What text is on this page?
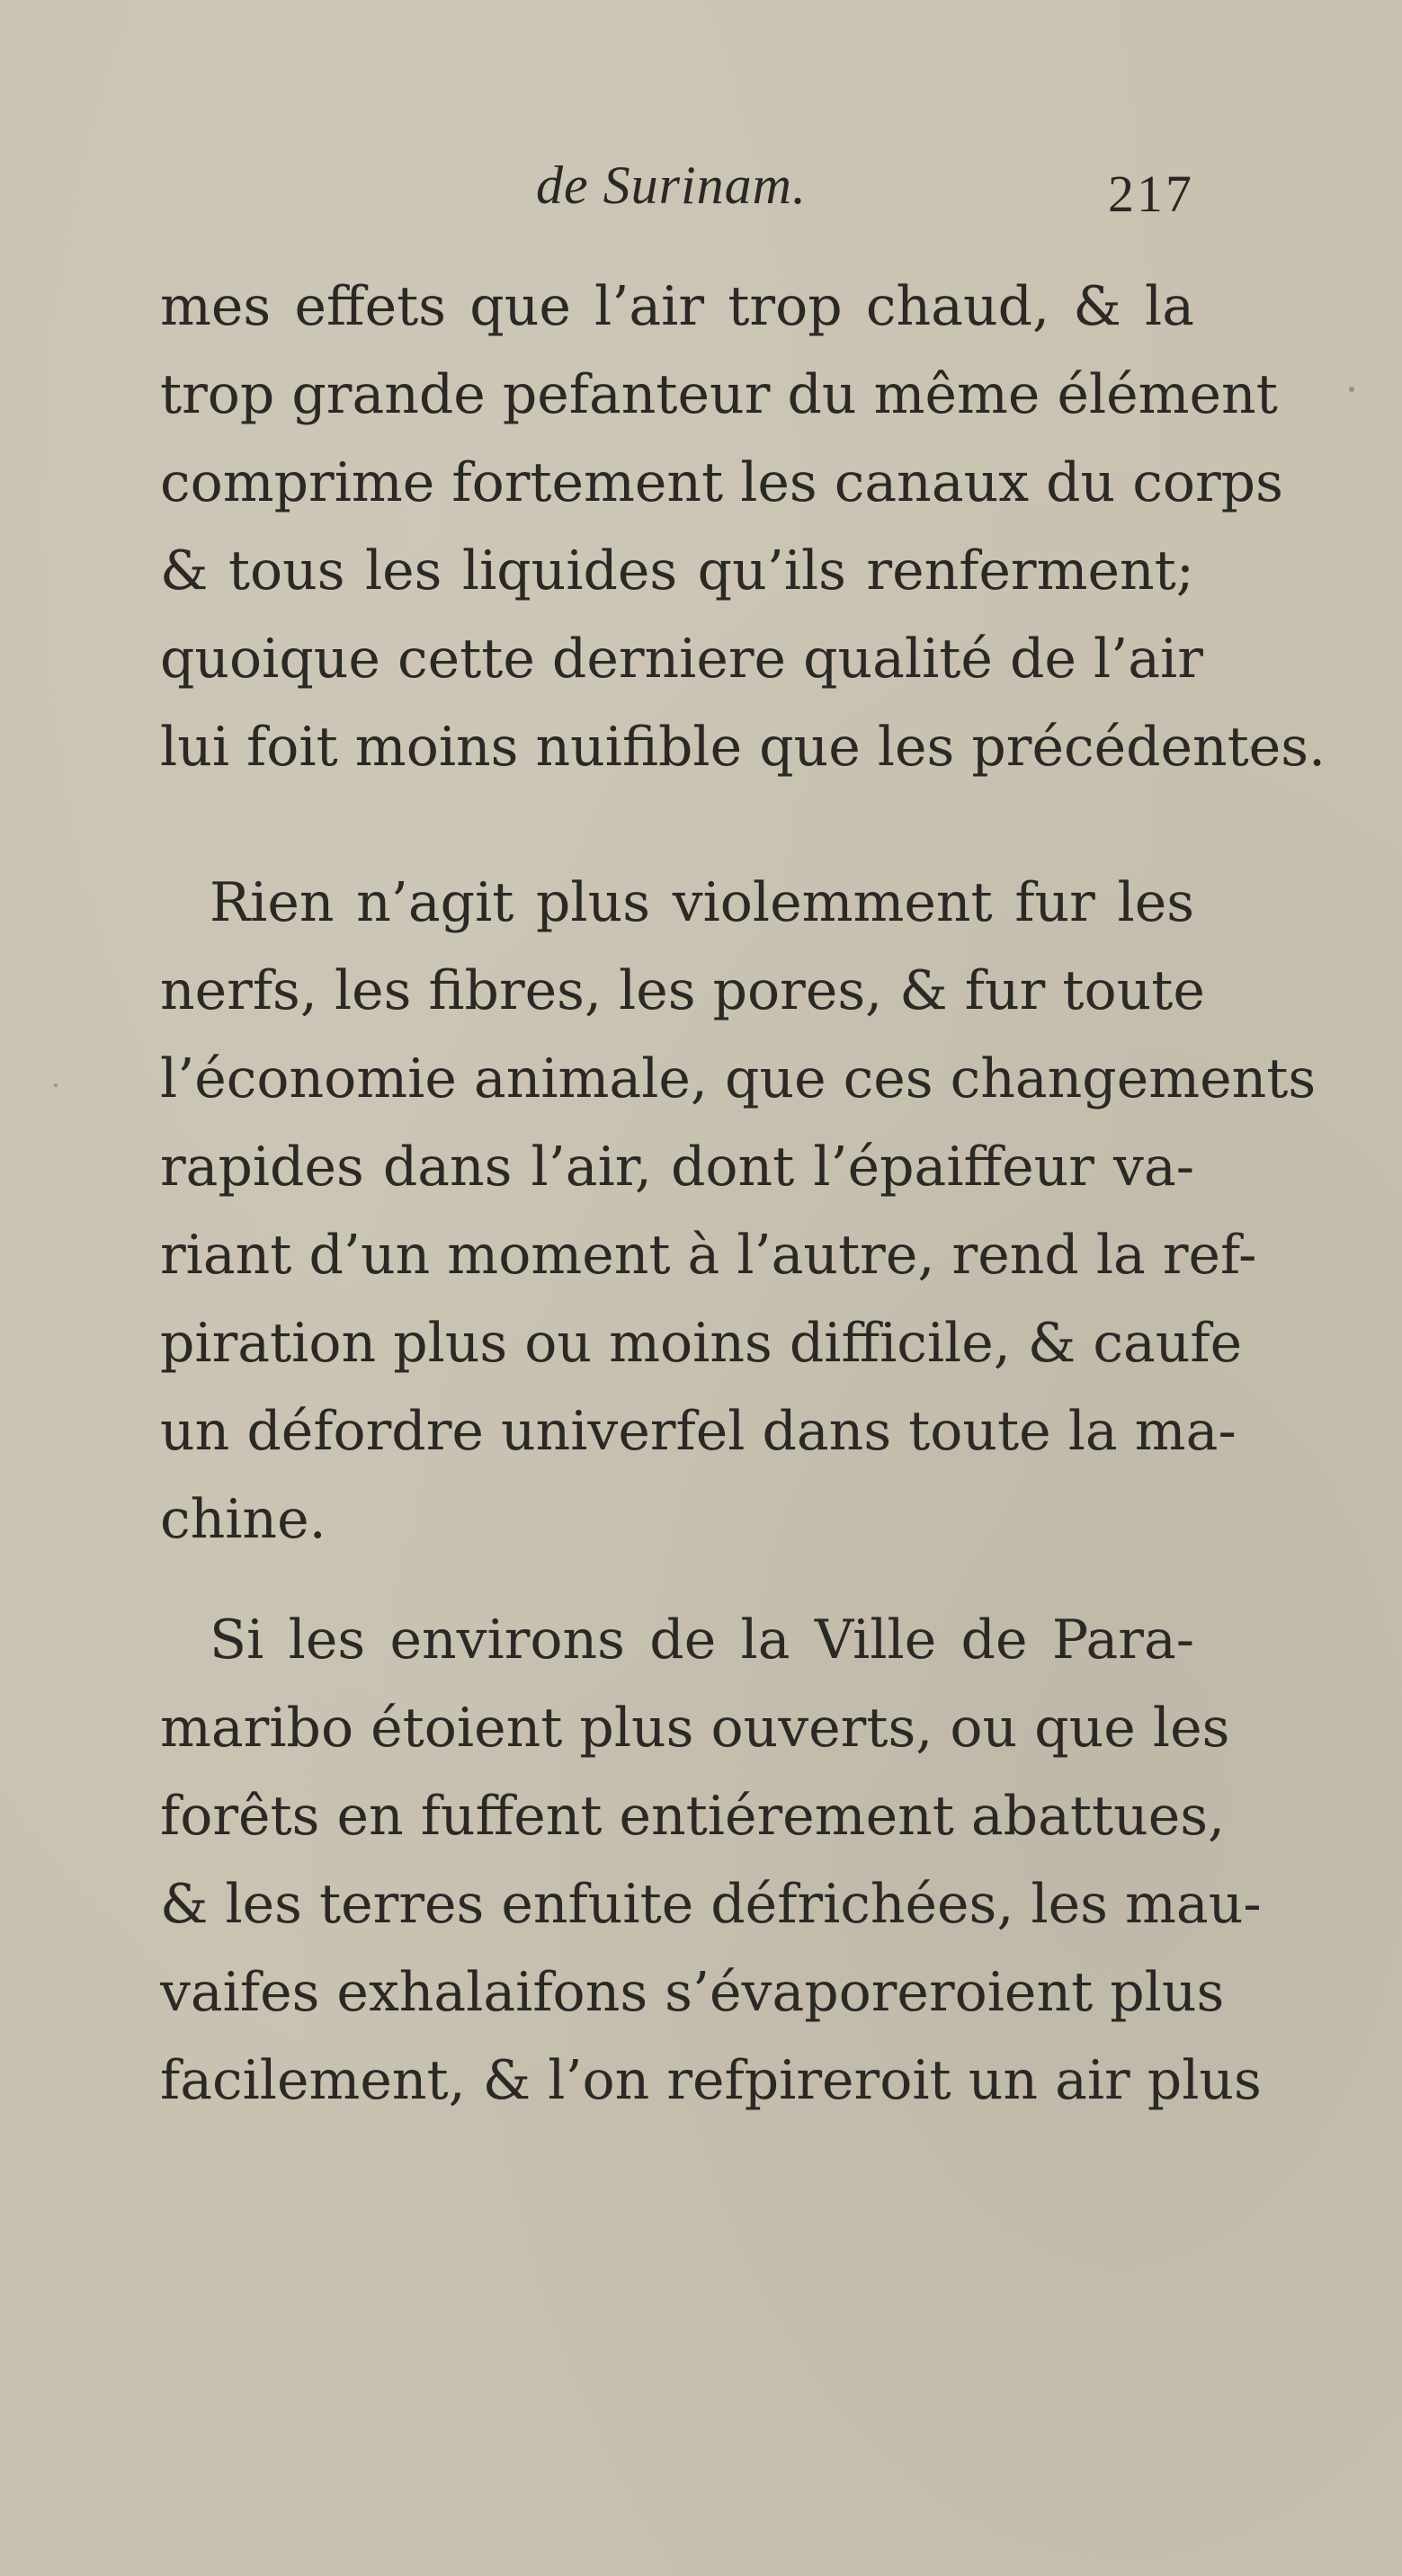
de Surinam.	217
mes effets que l’air trop chaud, & la
trop grande pefanteur du même élément
comprime fortement les canaux du corps
& tous les liquides qu’ils renferment;
quoique cette derniere qualité de l’air
lui foit moins nuifible que les précédentes.
Rien n’agit plus violemment fur les
nerfs, les fibres, les pores, & fur toute
l’économie animale, que ces changements
rapides dans l’air, dont l’épaiffeur va-
riant d’un moment à l’autre, rend la ref-
piration plus ou moins difficile, & caufe
un défordre univerfel dans toute la ma-
chine.
Si les environs de la Ville de Para-
maribo étoient plus ouverts, ou que les
forêts en fuffent entiérement abattues,
& les terres enfuite défrichées, les mau-
vaifes exhalaifons s’évaporeroient plus
facilement, & l’on refpireroit un air plus
